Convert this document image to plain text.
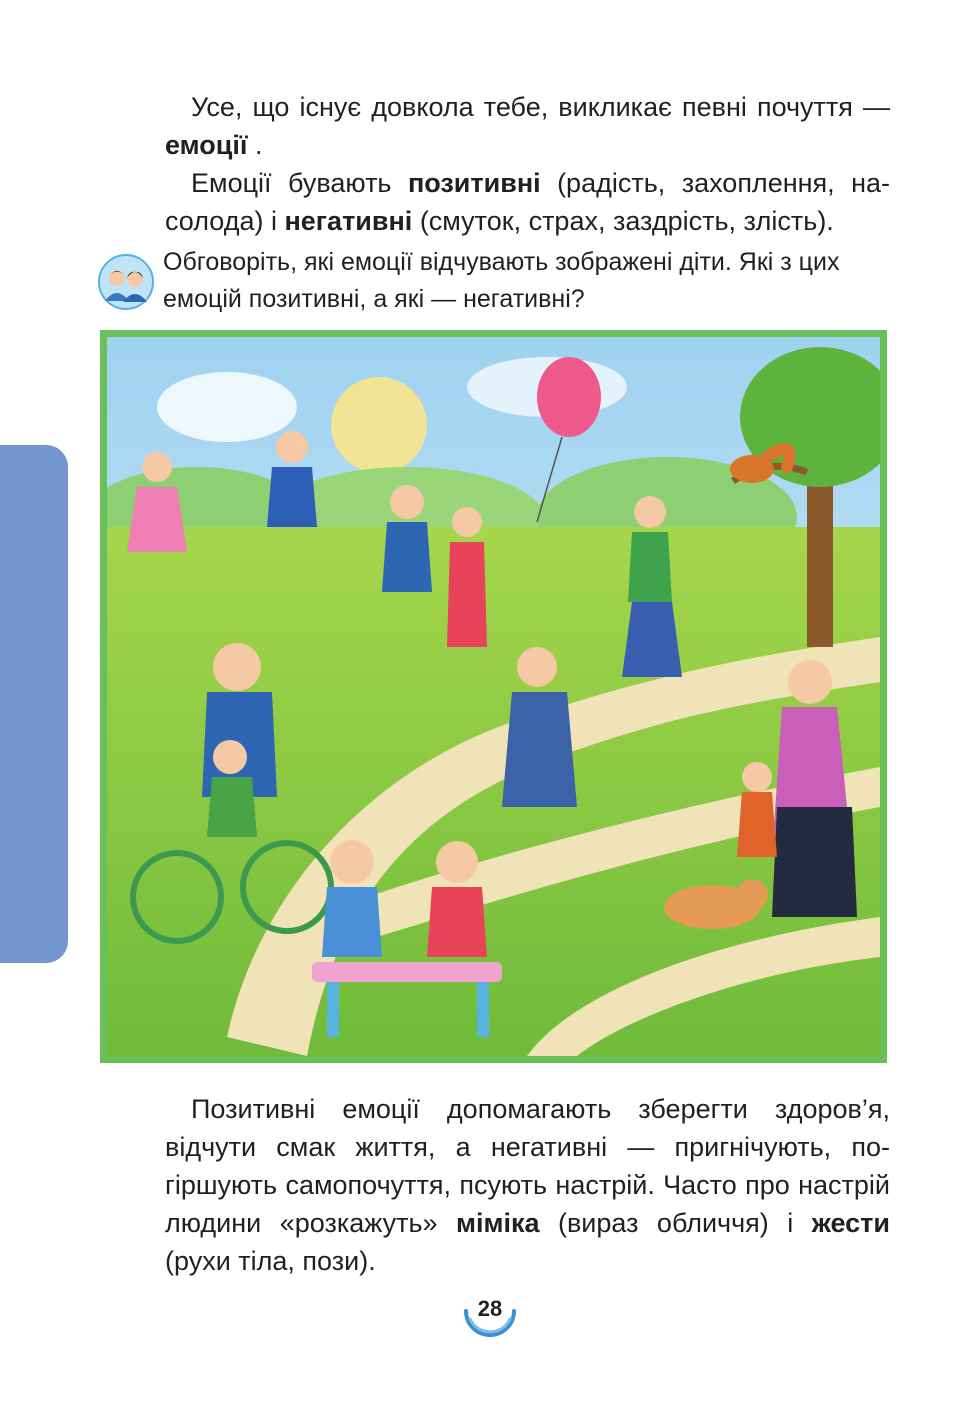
Усе, що існує довкола тебе, викликає певні почуття — емоції .

Емоції бувають позитивні (радість, захоплення, насолода) і негативні (смуток, страх, заздрість, злість).

Обговоріть, які емоції відчувають зображені діти. Які з цих емоцій позитивні, а які — негативні?

Позитивні емоції допомагають зберегти здоров’я, відчути смак життя, а негативні — пригнічують, погіршують самопочуття, псують настрій. Часто про настрій людини «розкажуть» міміка (вираз обличчя) і жести (рухи тіла, пози).

28
